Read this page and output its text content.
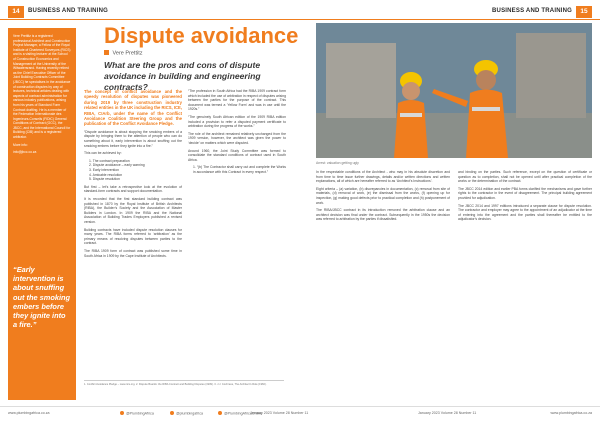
14	BUSINESS AND TRAINING	BUSINESS AND TRAINING	15

Vere Prettitz is a registered professional Architect and Construction Project Manager, a Fellow of the Royal Institute of Chartered Surveyors (RICS) and is a visiting lecturer at the School of Construction Economics and Management at the University of the Witwatersrand. Having recently retired as the Chief Executive Officer of the Joint Building Contracts Committee (JBCC) he specialises in the avoidance of construction disputes by way of lectures, technical articles dealing with aspects of contract administration for various industry publications, arising from his years of Standard Form Contract drafting. He is a member of the Federation Internationale des Ingenieurs-Conseils (FIDIC) General Conditions of Contract (GCC), the JBCC, and the International Council for Building (CIB) and is a registered arbitrator.

More info:

info@jbcc.co.za

“Early intervention is about snuffing out the smoking embers before they ignite into a fire.”
Dispute avoidance
Vere Prettitz
What are the pros and cons of dispute avoidance in building and engineering contracts?

The concept of conflict avoidance and the speedy resolution of disputes was pioneered during 2019 by three construction industry related entities in the UK including the RICS, ICE, RIBA, CIArb, under the name of the Conflict Avoidance Coalition Steering Group and the publication of the Conflict Avoidance Pledge.

“Dispute avoidance is about stopping the smoking embers of a dispute by bringing them to the attention of people who can do something about it, early intervention is about snuffing out the smoking embers before they ignite into a fire.”

This can be achieved by:

1. The contract preparation
2. Dispute avoidance – early warning
3. Early intervention
4. Amicable resolution

5. Dispute resolution

But first – let’s take a retrospective look at the evolution of standard-form contracts and support documentation.

It is recorded that the first standard building contract was published in 1870 by the Royal Institute of British Architects (RIBA), the Builder’s Society and the Association of Master Builders in London. In 1909 the RIBA and the National Association of Building Trades Employers published a revised version.

Building contracts have included dispute resolution clauses for many years. The RIBA forms referred to ‘arbitration’ as the primary means of resolving disputes between parties to the contract.

The RIBA 1909 form of contract was published some time in South Africa in 1909 by the Cape Institute of Architects.

“The profession in South Africa had the RIBA 1909 contract form which included the use of arbitration in respect of disputes arising between the parties for the purpose of the contract. This document was termed a ‘Yellow Form’ and was in use until the 1920s.”

“The genuinely South African edition of the 1909 RIBA edition included a provision to refer a disputed payment certificate to arbitration during the progress of the works.”

The role of the architect remained relatively unchanged from the 1909 version, however, the architect was given the power to ‘decide’ on matters which were disputed.

Around 1960, the Joint Study Committee was formed to consolidate the standard conditions of contract used in South Africa.

1. “(b) The Contractor shall carry out and complete the Works in accordance with this Contract in every respect.”

1. Conflict Avoidance Pledge – www.rics.org. 2. Dispute Boards: the RIBA Contract and Building Disputes (1909). 3. J.J. Cochrane, The Architect’s Role (1960).
Arrest: valuation getting ugly

In the respectable conditions of the Architect - who may in his absolute discretion and from time to time issue further drawings, details and/or written directions and written explanations, all of which are hereafter referred to as ‘Architect’s Instructions’.

Eight criteria – (a) variation, (b) discrepancies in documentation, (c) removal from site of materials, (d) removal of work, (e) the dismissal from the works, (f) opening up for inspection, (g) making good defects prior to practical completion and (h) postponement of work.

The RIBA/JBCC contract in its introduction removed the arbitration clause and an architect decision was final under the contract. Subsequently in the 1950s the decision was referred to arbitration by the parties if dissatisfied.

and binding on the parties. Such reference, except on the question of certificate or question as to completion, shall not be opened until after practical completion of the works or the determination of the contract.

The JBCC 2014 edition and earlier PBA forms clarified the mechanisms and gave further rights to the contractor in the event of disagreement. The principal building agreement provided for adjudication.

The JBCC 2014 and 1997 editions introduced a separate clause for dispute resolution. The contractor and employer may agree to the appointment of an adjudicator at the time of entering into the agreement and the parties shall thereafter be entitled to the adjudicator’s decision.

www.plumbingafrica.co.za	@PlumbingAfrica	@plumbingafrica	@PlumbingAfricaOnline
January 2023 Volume 28 Number 11	January 2023 Volume 28 Number 11	www.plumbingafrica.co.za
